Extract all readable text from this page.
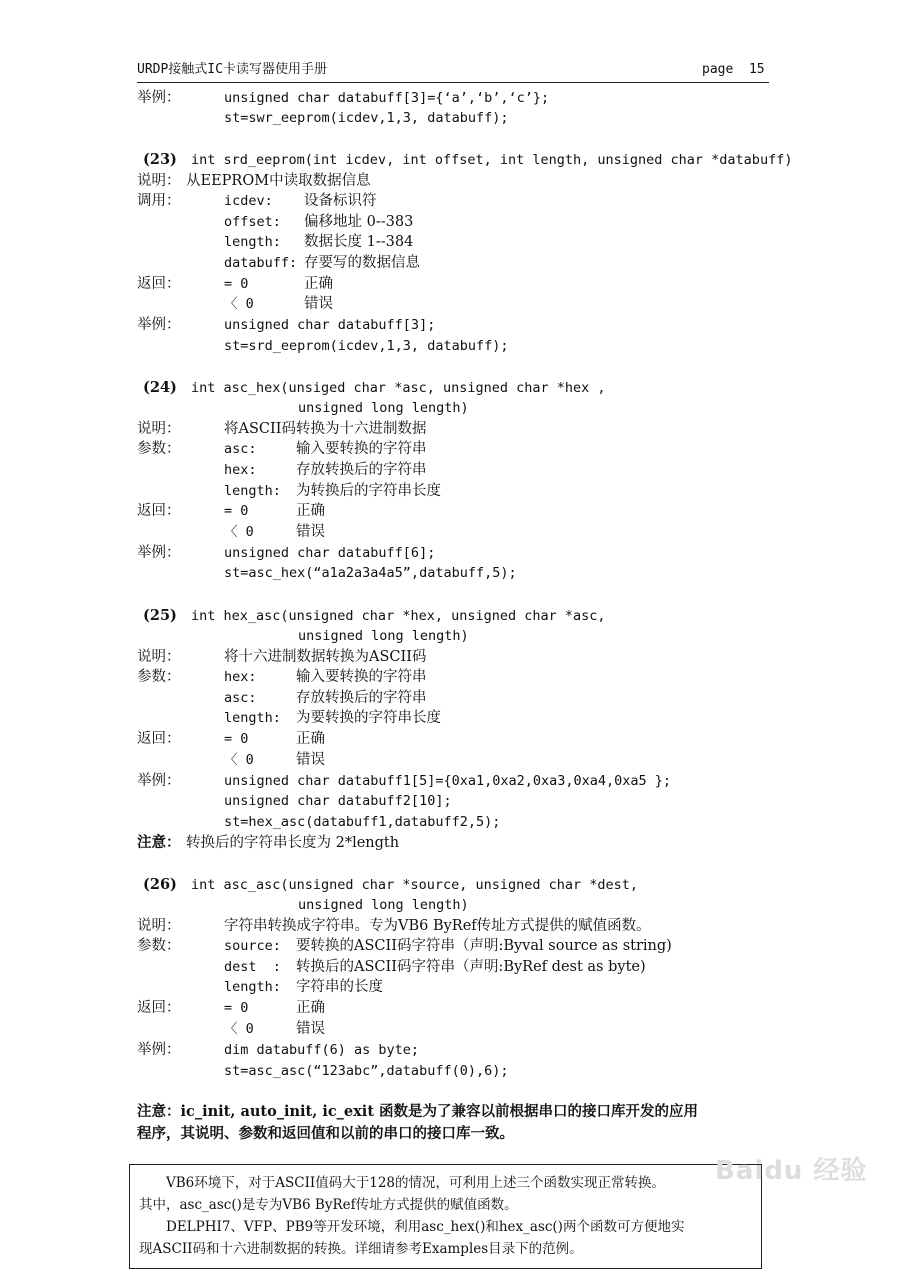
URDP接触式IC卡读写器使用手册	page  15
举例：	unsigned char databuff[3]={‘a’,‘b’,‘c’};
st=swr_eeprom(icdev,1,3, databuff);
(23) int srd_eeprom(int icdev, int offset, int length, unsigned char *databuff)
说明： 从EEPROM中读取数据信息
调用：	icdev: 设备标识符
offset: 偏移地址 0--383
length: 数据长度 1--384
databuff: 存要写的数据信息
返回：	= 0	正确
〈 0	错误
举例：	unsigned char databuff[3];
st=srd_eeprom(icdev,1,3, databuff);
(24) int asc_hex(unsiged char *asc, unsigned char *hex ,
unsigned long length)
说明：	将ASCII码转换为十六进制数据
参数：	asc:	输入要转换的字符串
hex:	存放转换后的字符串
length: 为转换后的字符串长度
返回：	= 0	正确
〈 0	错误
举例：	unsigned char databuff[6];
st=asc_hex(“a1a2a3a4a5”,databuff,5);
(25) int hex_asc(unsigned char *hex, unsigned char *asc,
unsigned long length)
说明：	将十六进制数据转换为ASCII码
参数：	hex:	输入要转换的字符串
asc:	存放转换后的字符串
length: 为要转换的字符串长度
返回：	= 0	正确
〈 0	错误
举例：	unsigned char databuff1[5]={0xa1,0xa2,0xa3,0xa4,0xa5 };
unsigned char databuff2[10];
st=hex_asc(databuff1,databuff2,5);
注意： 转换后的字符串长度为 2*length
(26) int asc_asc(unsigned char *source, unsigned char *dest,
unsigned long length)
说明：	字符串转换成字符串。专为VB6 ByRef传址方式提供的赋值函数。
参数：	source: 要转换的ASCII码字符串（声明:Byval source as string)
dest  : 转换后的ASCII码字符串（声明:ByRef dest as byte)
length: 字符串的长度
返回：	= 0	正确
〈 0	错误
举例：	dim databuff(6) as byte;
st=asc_asc(“123abc”,databuff(0),6);
注意：ic_init, auto_init, ic_exit 函数是为了兼容以前根据串口的接口库开发的应用
程序，其说明、参数和返回值和以前的串口的接口库一致。
VB6环境下，对于ASCII值码大于128的情况，可利用上述三个函数实现正常转换。
其中，asc_asc()是专为VB6 ByRef传址方式提供的赋值函数。
DELPHI7、VFP、PB9等开发环境，利用asc_hex()和hex_asc()两个函数可方便地实
现ASCII码和十六进制数据的转换。详细请参考Examples目录下的范例。
Baidu 经验
